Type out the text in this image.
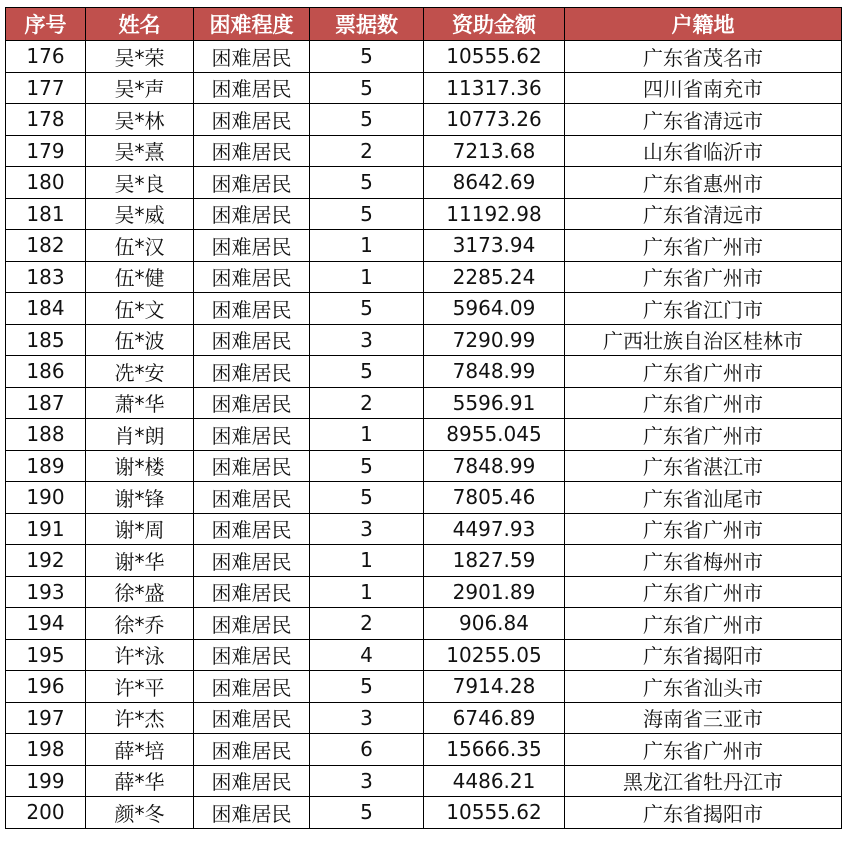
序号	姓名	困难程度	票据数	资助金额	户籍地
176	吴*荣	困难居民	5	10555.62	广东省茂名市
177	吴*声	困难居民	5	11317.36	四川省南充市
178	吴*林	困难居民	5	10773.26	广东省清远市
179	吴*熹	困难居民	2	7213.68	山东省临沂市
180	吴*良	困难居民	5	8642.69	广东省惠州市
181	吴*威	困难居民	5	11192.98	广东省清远市
182	伍*汉	困难居民	1	3173.94	广东省广州市
183	伍*健	困难居民	1	2285.24	广东省广州市
184	伍*文	困难居民	5	5964.09	广东省江门市
185	伍*波	困难居民	3	7290.99	广西壮族自治区桂林市
186	冼*安	困难居民	5	7848.99	广东省广州市
187	萧*华	困难居民	2	5596.91	广东省广州市
188	肖*朗	困难居民	1	8955.045	广东省广州市
189	谢*楼	困难居民	5	7848.99	广东省湛江市
190	谢*锋	困难居民	5	7805.46	广东省汕尾市
191	谢*周	困难居民	3	4497.93	广东省广州市
192	谢*华	困难居民	1	1827.59	广东省梅州市
193	徐*盛	困难居民	1	2901.89	广东省广州市
194	徐*乔	困难居民	2	906.84	广东省广州市
195	许*泳	困难居民	4	10255.05	广东省揭阳市
196	许*平	困难居民	5	7914.28	广东省汕头市
197	许*杰	困难居民	3	6746.89	海南省三亚市
198	薛*培	困难居民	6	15666.35	广东省广州市
199	薛*华	困难居民	3	4486.21	黑龙江省牡丹江市
200	颜*冬	困难居民	5	10555.62	广东省揭阳市
